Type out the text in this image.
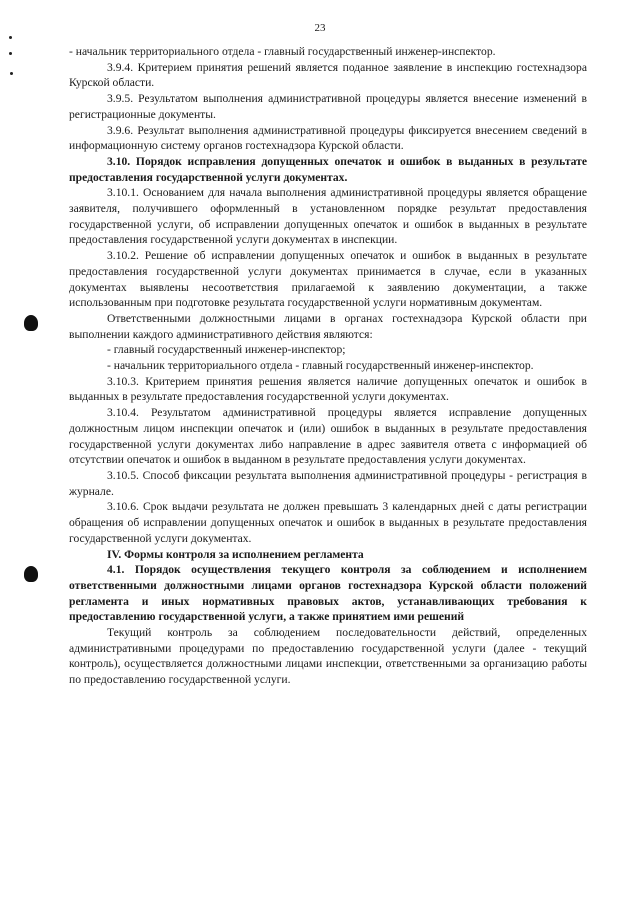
23

- начальник территориального отдела - главный государственный инженер-инспектор.

3.9.4. Критерием принятия решений является поданное заявление в инспекцию гостехнадзора Курской области.

3.9.5. Результатом выполнения административной процедуры является внесение изменений в регистрационные документы.

3.9.6. Результат выполнения административной процедуры фиксируется внесением сведений в информационную систему органов гостехнадзора Курской области.

3.10. Порядок исправления допущенных опечаток и ошибок в выданных в результате предоставления государственной услуги документах.

3.10.1. Основанием для начала выполнения административной процедуры является обращение заявителя, получившего оформленный в установленном порядке результат предоставления государственной услуги, об исправлении допущенных опечаток и ошибок в выданных в результате предоставления государственной услуги документах в инспекции.

3.10.2. Решение об исправлении допущенных опечаток и ошибок в выданных в результате предоставления государственной услуги документах принимается в случае, если в указанных документах выявлены несоответствия прилагаемой к заявлению документации, а также использованным при подготовке результата государственной услуги нормативным документам.

Ответственными должностными лицами в органах гостехнадзора Курской области при выполнении каждого административного действия являются:

- главный государственный инженер-инспектор;

- начальник территориального отдела - главный государственный инженер-инспектор.

3.10.3. Критерием принятия решения является наличие допущенных опечаток и ошибок в выданных в результате предоставления государственной услуги документах.

3.10.4. Результатом административной процедуры является исправление допущенных должностным лицом инспекции опечаток и (или) ошибок в выданных в результате предоставления государственной услуги документах либо направление в адрес заявителя ответа с информацией об отсутствии опечаток и ошибок в выданном в результате предоставления услуги документах.

3.10.5. Способ фиксации результата выполнения административной процедуры - регистрация в журнале.

3.10.6. Срок выдачи результата не должен превышать 3 календарных дней с даты регистрации обращения об исправлении допущенных опечаток и ошибок в выданных в результате предоставления государственной услуги документах.

IV. Формы контроля за исполнением регламента

4.1. Порядок осуществления текущего контроля за соблюдением и исполнением ответственными должностными лицами органов гостехнадзора Курской области положений регламента и иных нормативных правовых актов, устанавливающих требования к предоставлению государственной услуги, а также принятием ими решений

Текущий контроль за соблюдением последовательности действий, определенных административными процедурами по предоставлению государственной услуги (далее - текущий контроль), осуществляется должностными лицами инспекции, ответственными за организацию работы по предоставлению государственной услуги.
